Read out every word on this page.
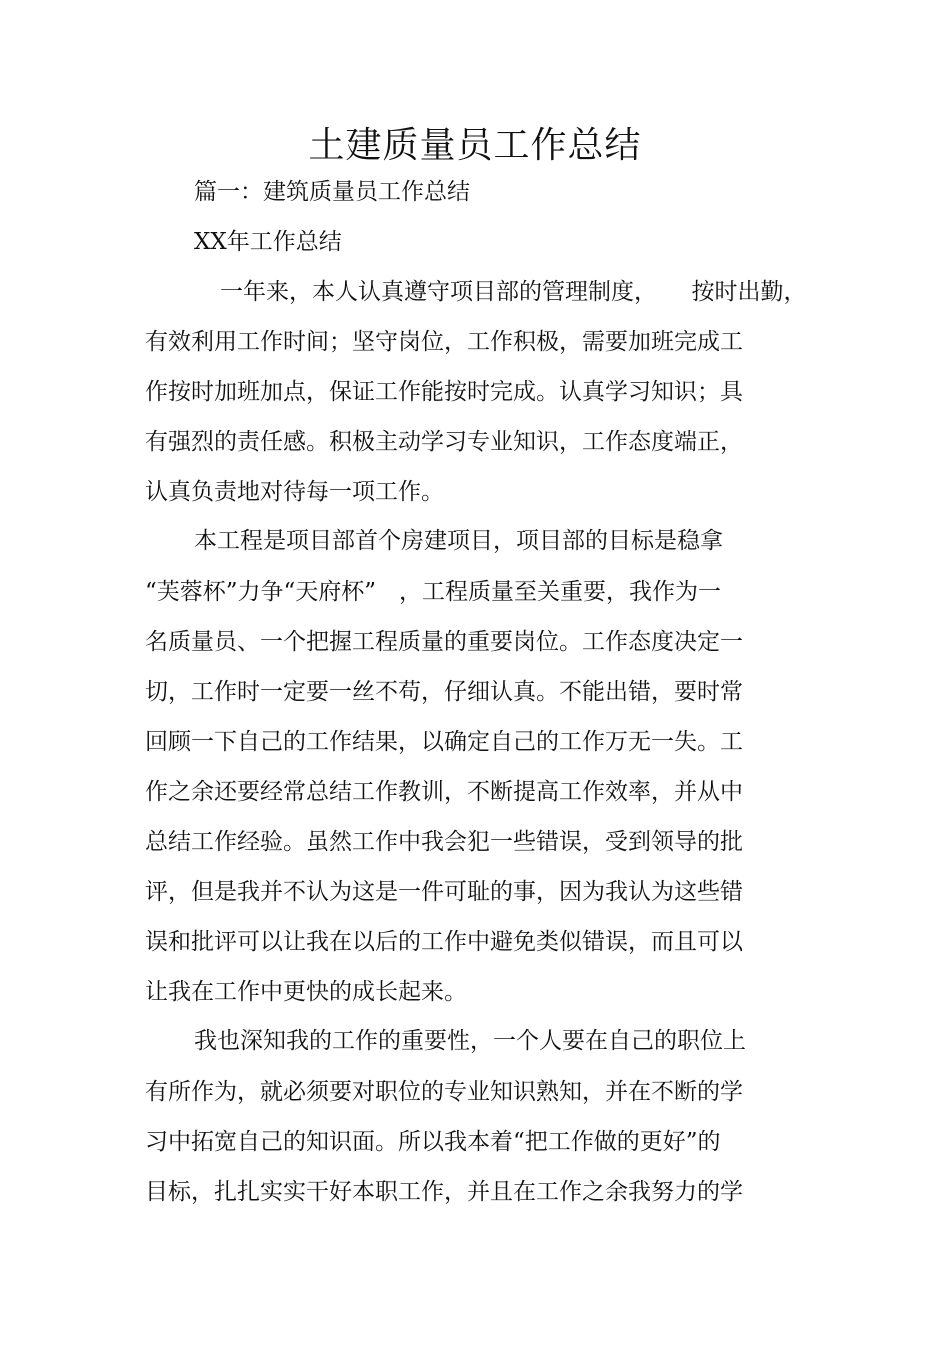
土建质量员工作总结
篇一：建筑质量员工作总结
XX年工作总结
一年来，本人认真遵守项目部的管理制度，　　按时出勤，
有效利用工作时间；坚守岗位，工作积极，需要加班完成工
作按时加班加点，保证工作能按时完成。认真学习知识；具
有强烈的责任感。积极主动学习专业知识，工作态度端正，
认真负责地对待每一项工作。
本工程是项目部首个房建项目，项目部的目标是稳拿
“芙蓉杯”力争“天府杯”　，工程质量至关重要，我作为一
名质量员、一个把握工程质量的重要岗位。工作态度决定一
切，工作时一定要一丝不苟，仔细认真。不能出错，要时常
回顾一下自己的工作结果，以确定自己的工作万无一失。工
作之余还要经常总结工作教训，不断提高工作效率，并从中
总结工作经验。虽然工作中我会犯一些错误，受到领导的批
评，但是我并不认为这是一件可耻的事，因为我认为这些错
误和批评可以让我在以后的工作中避免类似错误，而且可以
让我在工作中更快的成长起来。
我也深知我的工作的重要性，一个人要在自己的职位上
有所作为，就必须要对职位的专业知识熟知，并在不断的学
习中拓宽自己的知识面。所以我本着“把工作做的更好”的
目标，扎扎实实干好本职工作，并且在工作之余我努力的学
